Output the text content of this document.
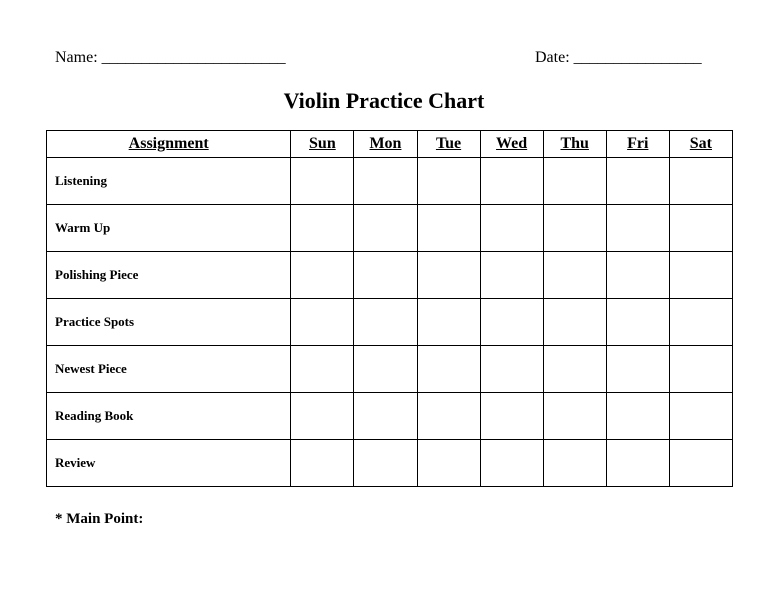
Name: _______________________	Date: ________________
Violin Practice Chart
Assignment	Sun	Mon	Tue	Wed	Thu	Fri	Sat
Listening							
Warm Up							
Polishing Piece							
Practice Spots							
Newest Piece							
Reading Book							
Review							
* Main Point:
